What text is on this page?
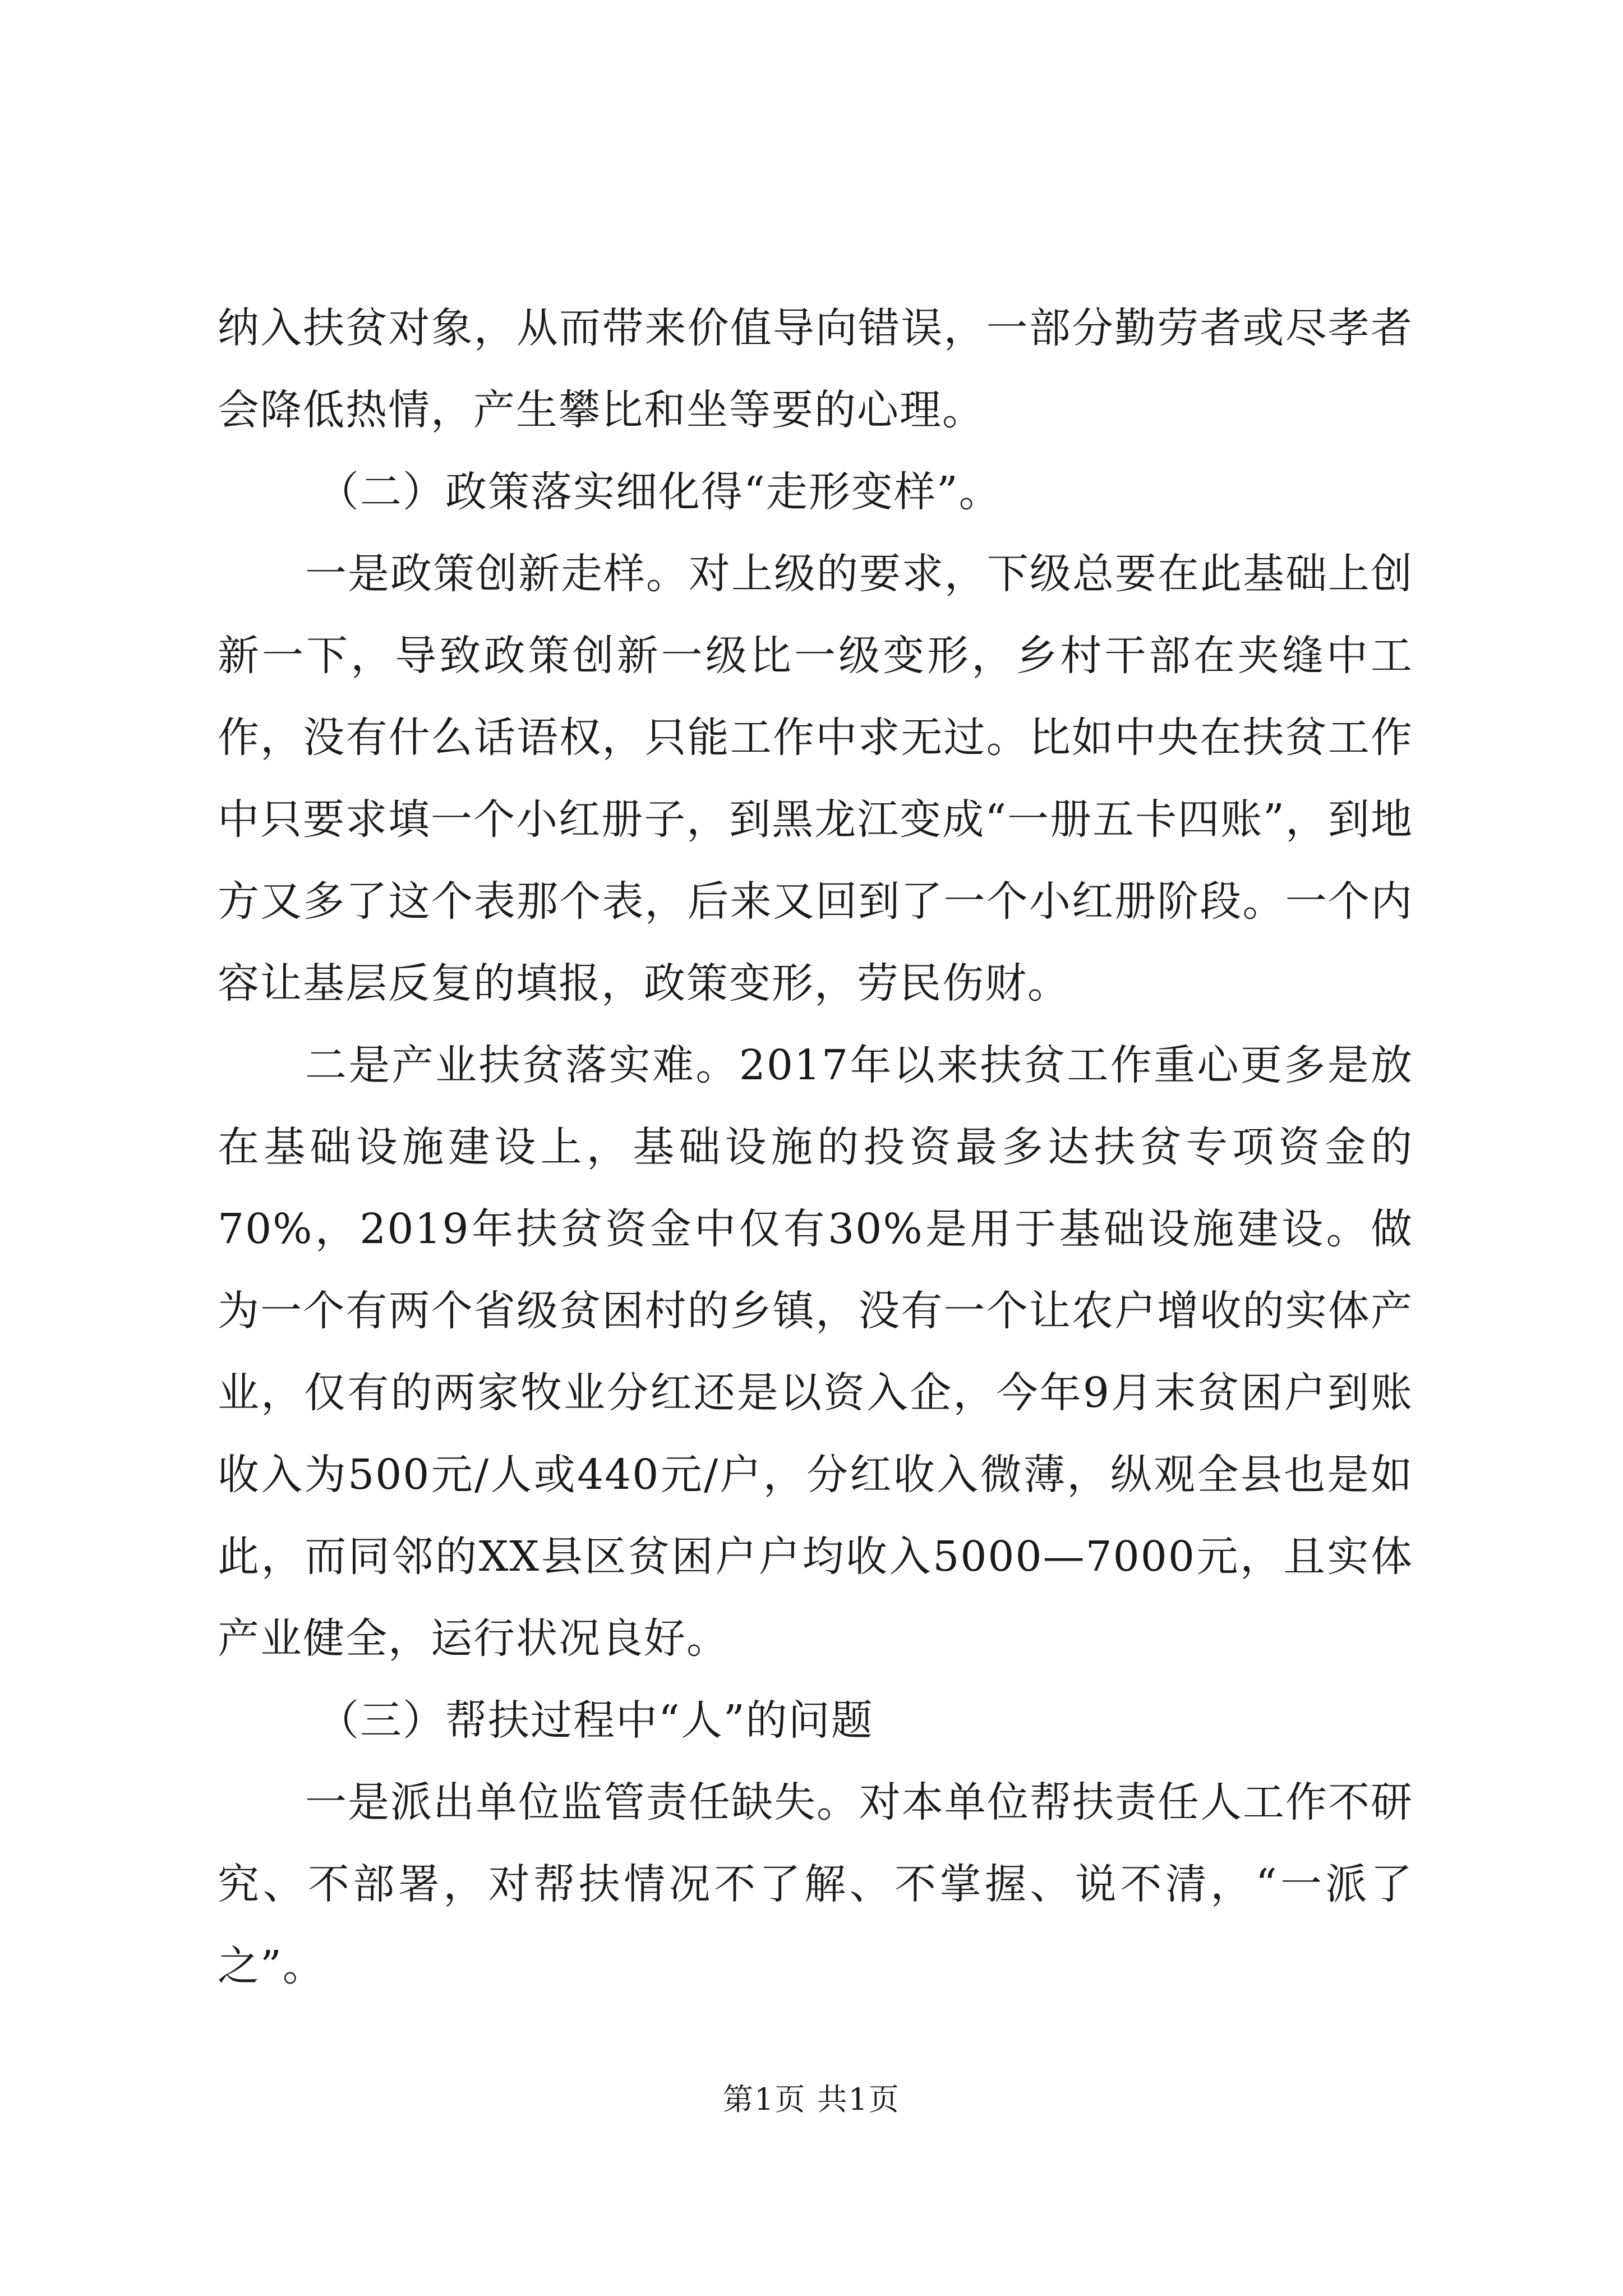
纳入扶贫对象，从而带来价值导向错误，一部分勤劳者或尽孝者会降低热情，产生攀比和坐等要的心理。

（二）政策落实细化得“走形变样”。

一是政策创新走样。对上级的要求，下级总要在此基础上创新一下，导致政策创新一级比一级变形，乡村干部在夹缝中工作，没有什么话语权，只能工作中求无过。比如中央在扶贫工作中只要求填一个小红册子，到黑龙江变成“一册五卡四账”，到地方又多了这个表那个表，后来又回到了一个小红册阶段。一个内容让基层反复的填报，政策变形，劳民伤财。

二是产业扶贫落实难。2017年以来扶贫工作重心更多是放在基础设施建设上，基础设施的投资最多达扶贫专项资金的70%，2019年扶贫资金中仅有30%是用于基础设施建设。做为一个有两个省级贫困村的乡镇，没有一个让农户增收的实体产业，仅有的两家牧业分红还是以资入企，今年9月末贫困户到账收入为500元/人或440元/户，分红收入微薄，纵观全县也是如此，而同邻的XX县区贫困户户均收入5000—7000元，且实体产业健全，运行状况良好。

（三）帮扶过程中“人”的问题

一是派出单位监管责任缺失。对本单位帮扶责任人工作不研究、不部署，对帮扶情况不了解、不掌握、说不清，“一派了之”。

第1页 共1页
